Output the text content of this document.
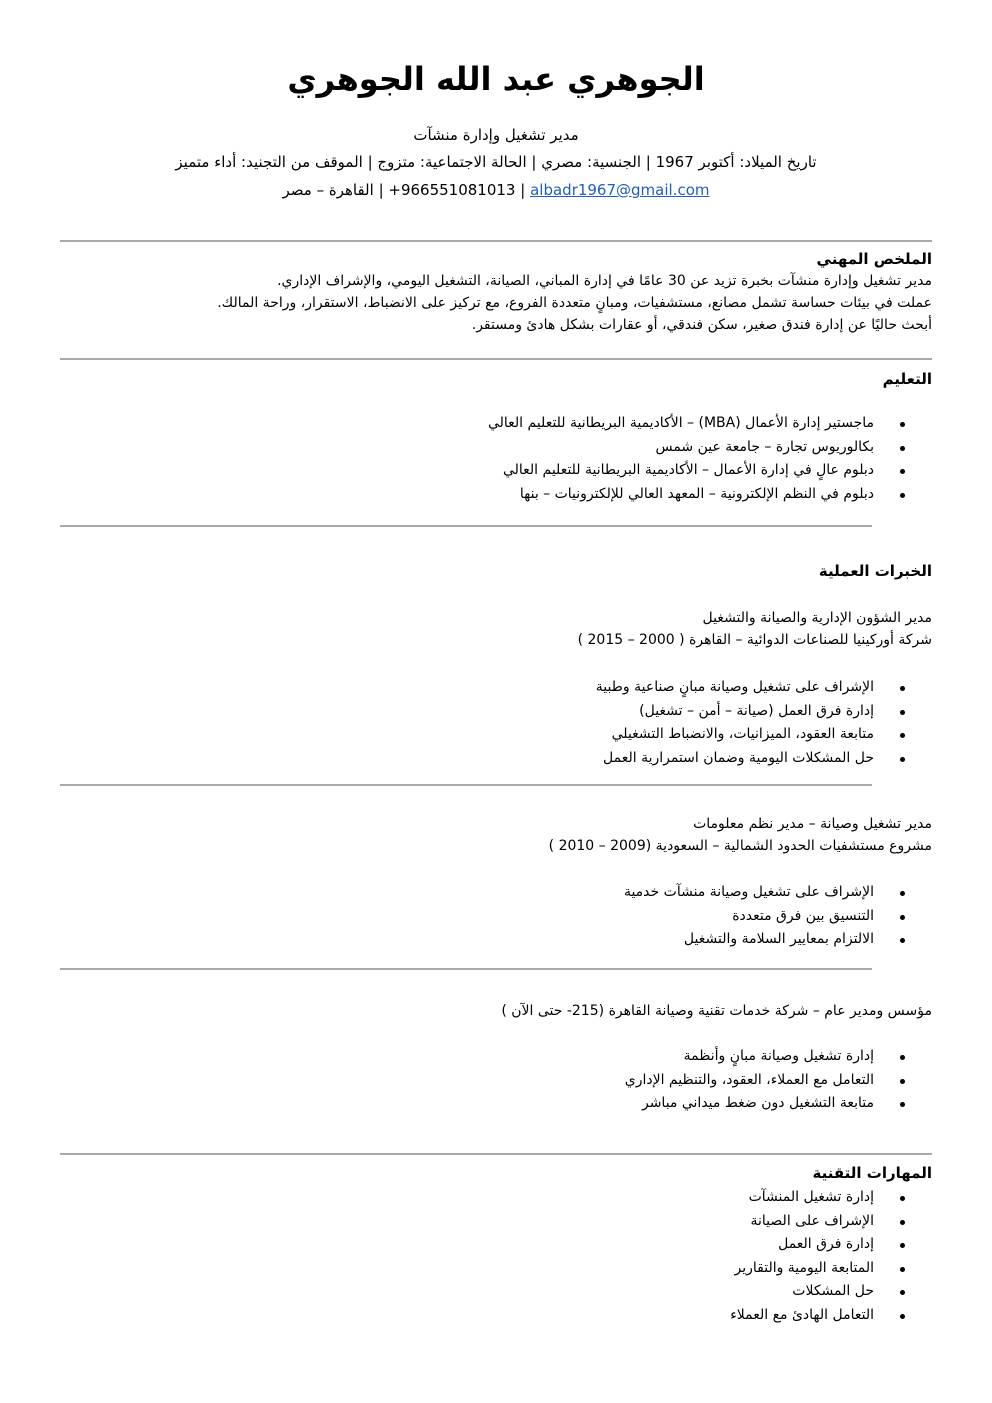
الجوهري عبد الله الجوهري
مدير تشغيل وإدارة منشآت
تاريخ الميلاد: أكتوبر 1967 | الجنسية: مصري | الحالة الاجتماعية: متزوج | الموقف من التجنيد: أداء متميز
+966551081013 | albadr1967@gmail.com | القاهرة – مصر
الملخص المهني
مدير تشغيل وإدارة منشآت بخبرة تزيد عن 30 عامًا في إدارة المباني، الصيانة، التشغيل اليومي، والإشراف الإداري.
عملت في بيئات حساسة تشمل مصانع، مستشفيات، ومبانٍ متعددة الفروع، مع تركيز على الانضباط، الاستقرار، وراحة المالك.
أبحث حاليًا عن إدارة فندق صغير، سكن فندقي، أو عقارات بشكل هادئ ومستقر.
التعليم
ماجستير إدارة الأعمال (MBA) – الأكاديمية البريطانية للتعليم العالي
بكالوريوس تجارة – جامعة عين شمس
دبلوم عالٍ في إدارة الأعمال – الأكاديمية البريطانية للتعليم العالي
دبلوم في النظم الإلكترونية – المعهد العالي للإلكترونيات – بنها
الخبرات العملية
مدير الشؤون الإدارية والصيانة والتشغيل
شركة أوركينيا للصناعات الدوائية – القاهرة ( 2000 – 2015 )
الإشراف على تشغيل وصيانة مبانٍ صناعية وطبية
إدارة فرق العمل (صيانة – أمن – تشغيل)
متابعة العقود، الميزانيات، والانضباط التشغيلي
حل المشكلات اليومية وضمان استمرارية العمل
مدير تشغيل وصيانة – مدير نظم معلومات
مشروع مستشفيات الحدود الشمالية – السعودية (2009 – 2010 )
الإشراف على تشغيل وصيانة منشآت خدمية
التنسيق بين فرق متعددة
الالتزام بمعايير السلامة والتشغيل
مؤسس ومدير عام – شركة خدمات تقنية وصيانة القاهرة (215- حتى الآن )
إدارة تشغيل وصيانة مبانٍ وأنظمة
التعامل مع العملاء، العقود، والتنظيم الإداري
متابعة التشغيل دون ضغط ميداني مباشر
المهارات التقنية
إدارة تشغيل المنشآت
الإشراف على الصيانة
إدارة فرق العمل
المتابعة اليومية والتقارير
حل المشكلات
التعامل الهادئ مع العملاء
